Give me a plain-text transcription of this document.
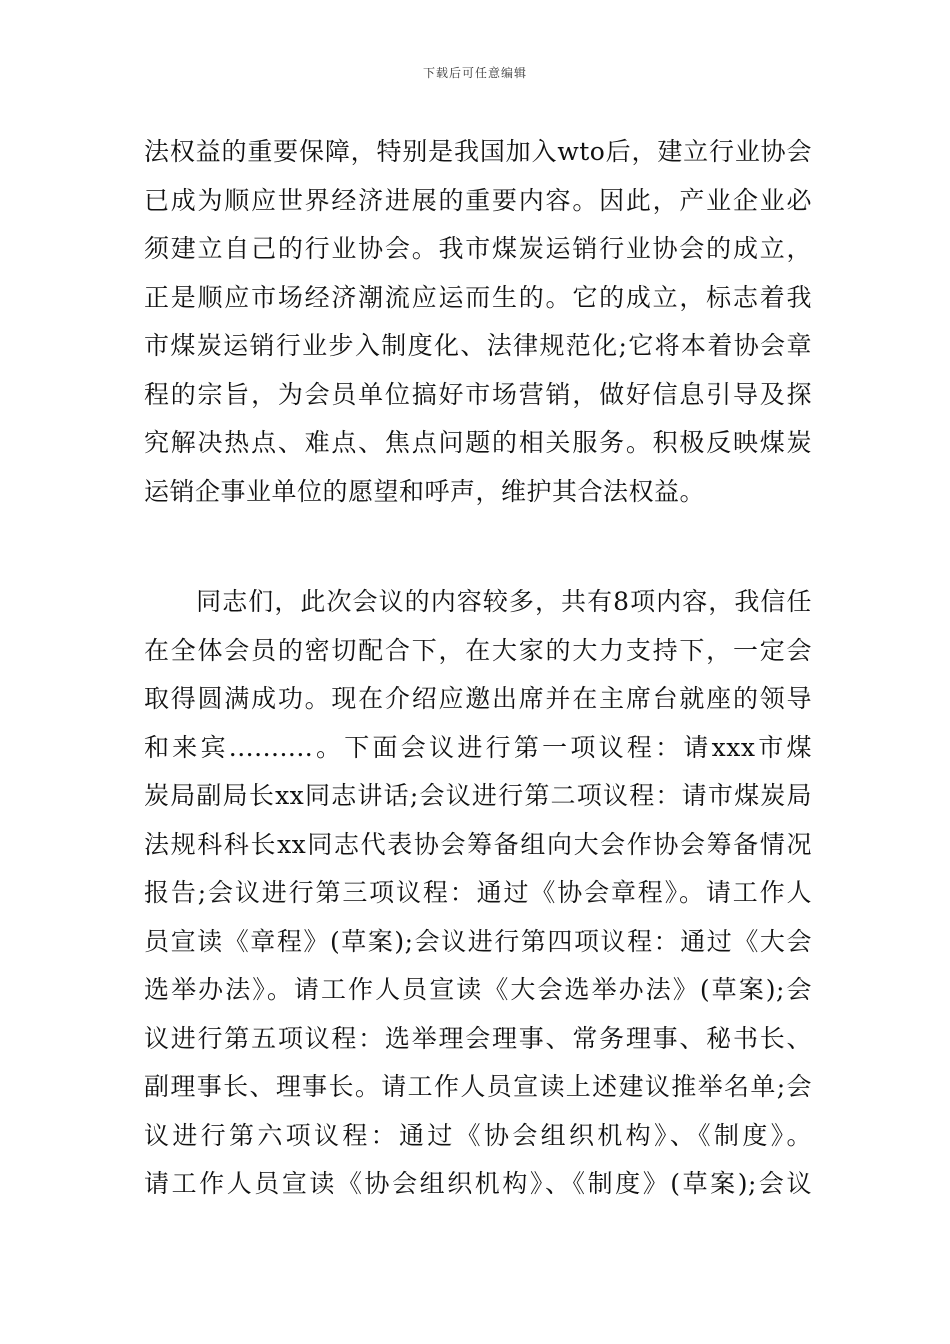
下载后可任意编辑

法权益的重要保障，特别是我国加入wto后，建立行业协会
已成为顺应世界经济进展的重要内容。因此，产业企业必
须建立自己的行业协会。我市煤炭运销行业协会的成立，
正是顺应市场经济潮流应运而生的。它的成立，标志着我
市煤炭运销行业步入制度化、法律规范化;它将本着协会章
程的宗旨，为会员单位搞好市场营销，做好信息引导及探
究解决热点、难点、焦点问题的相关服务。积极反映煤炭
运销企事业单位的愿望和呼声，维护其合法权益。

　　同志们，此次会议的内容较多，共有8项内容，我信任
在全体会员的密切配合下，在大家的大力支持下，一定会
取得圆满成功。现在介绍应邀出席并在主席台就座的领导
和来宾..........。下面会议进行第一项议程：请xxx市煤
炭局副局长xx同志讲话;会议进行第二项议程：请市煤炭局
法规科科长xx同志代表协会筹备组向大会作协会筹备情况
报告;会议进行第三项议程：通过《协会章程》。请工作人
员宣读《章程》(草案);会议进行第四项议程：通过《大会
选举办法》。请工作人员宣读《大会选举办法》(草案);会
议进行第五项议程：选举理会理事、常务理事、秘书长、
副理事长、理事长。请工作人员宣读上述建议推举名单;会
议进行第六项议程：通过《协会组织机构》、《制度》。
请工作人员宣读《协会组织机构》、《制度》(草案);会议
